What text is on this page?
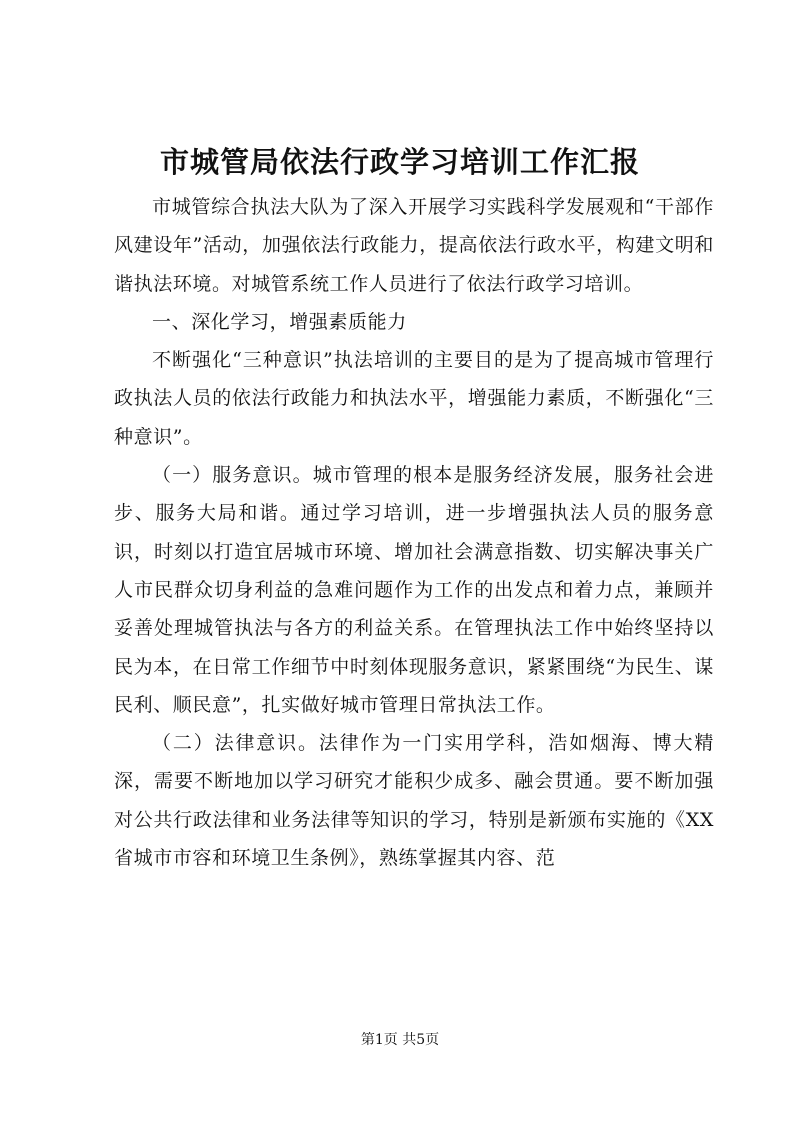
市城管局依法行政学习培训工作汇报

市城管综合执法大队为了深入开展学习实践科学发展观和“干部作风建设年”活动，加强依法行政能力，提高依法行政水平，构建文明和谐执法环境。对城管系统工作人员进行了依法行政学习培训。

一、深化学习，增强素质能力

不断强化“三种意识”执法培训的主要目的是为了提高城市管理行政执法人员的依法行政能力和执法水平，增强能力素质，不断强化“三种意识”。

（一）服务意识。城市管理的根本是服务经济发展，服务社会进步、服务大局和谐。通过学习培训，进一步增强执法人员的服务意识，时刻以打造宜居城市环境、增加社会满意指数、切实解决事关广人市民群众切身利益的急难问题作为工作的出发点和着力点，兼顾并妥善处理城管执法与各方的利益关系。在管理执法工作中始终坚持以民为本，在日常工作细节中时刻体现服务意识，紧紧围绕“为民生、谋民利、顺民意”，扎实做好城市管理日常执法工作。

（二）法律意识。法律作为一门实用学科，浩如烟海、博大精深，需要不断地加以学习研究才能积少成多、融会贯通。要不断加强对公共行政法律和业务法律等知识的学习，特别是新颁布实施的《XX省城市市容和环境卫生条例》，熟练掌握其内容、范

第1页 共5页
